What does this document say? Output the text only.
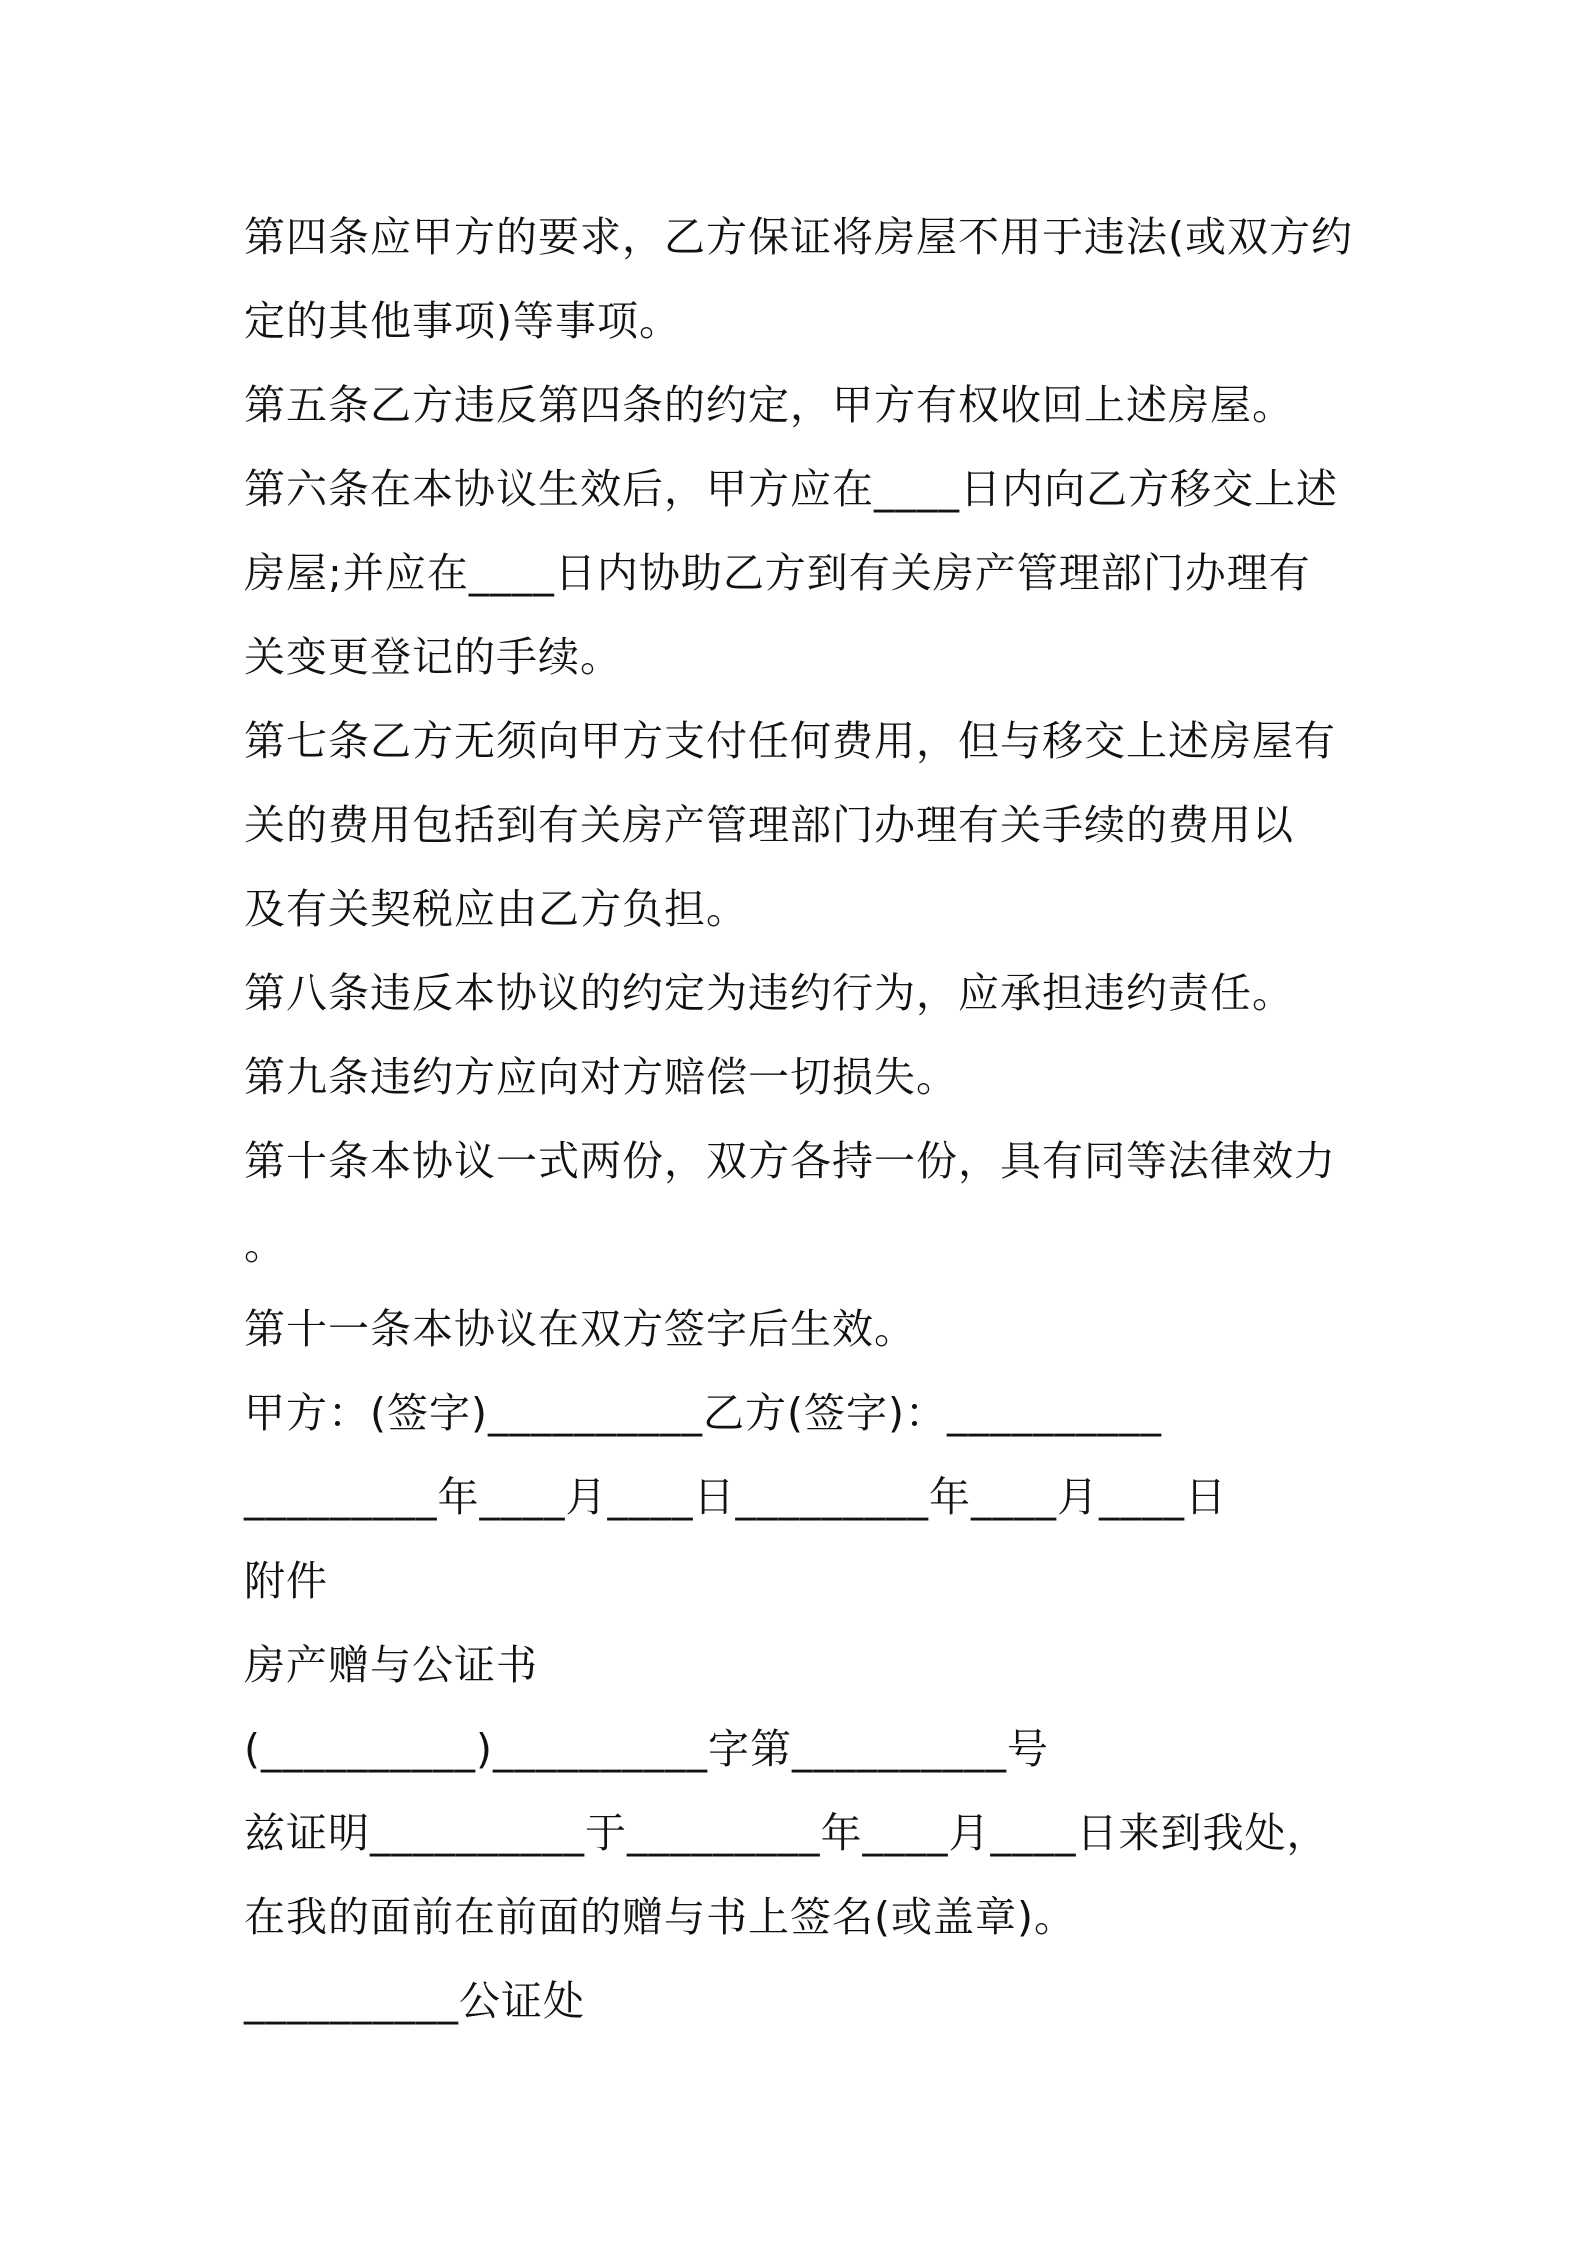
第四条应甲方的要求，乙方保证将房屋不用于违法(或双方约
定的其他事项)等事项。
第五条乙方违反第四条的约定，甲方有权收回上述房屋。
第六条在本协议生效后，甲方应在____日内向乙方移交上述
房屋;并应在____日内协助乙方到有关房产管理部门办理有
关变更登记的手续。
第七条乙方无须向甲方支付任何费用，但与移交上述房屋有
关的费用包括到有关房产管理部门办理有关手续的费用以
及有关契税应由乙方负担。
第八条违反本协议的约定为违约行为，应承担违约责任。
第九条违约方应向对方赔偿一切损失。
第十条本协议一式两份，双方各持一份，具有同等法律效力
。
第十一条本协议在双方签字后生效。
甲方：(签字)__________乙方(签字)：__________
_________年____月____日_________年____月____日
附件
房产赠与公证书
(__________)__________字第__________号
兹证明__________于_________年____月____日来到我处，
在我的面前在前面的赠与书上签名(或盖章)。
__________公证处
